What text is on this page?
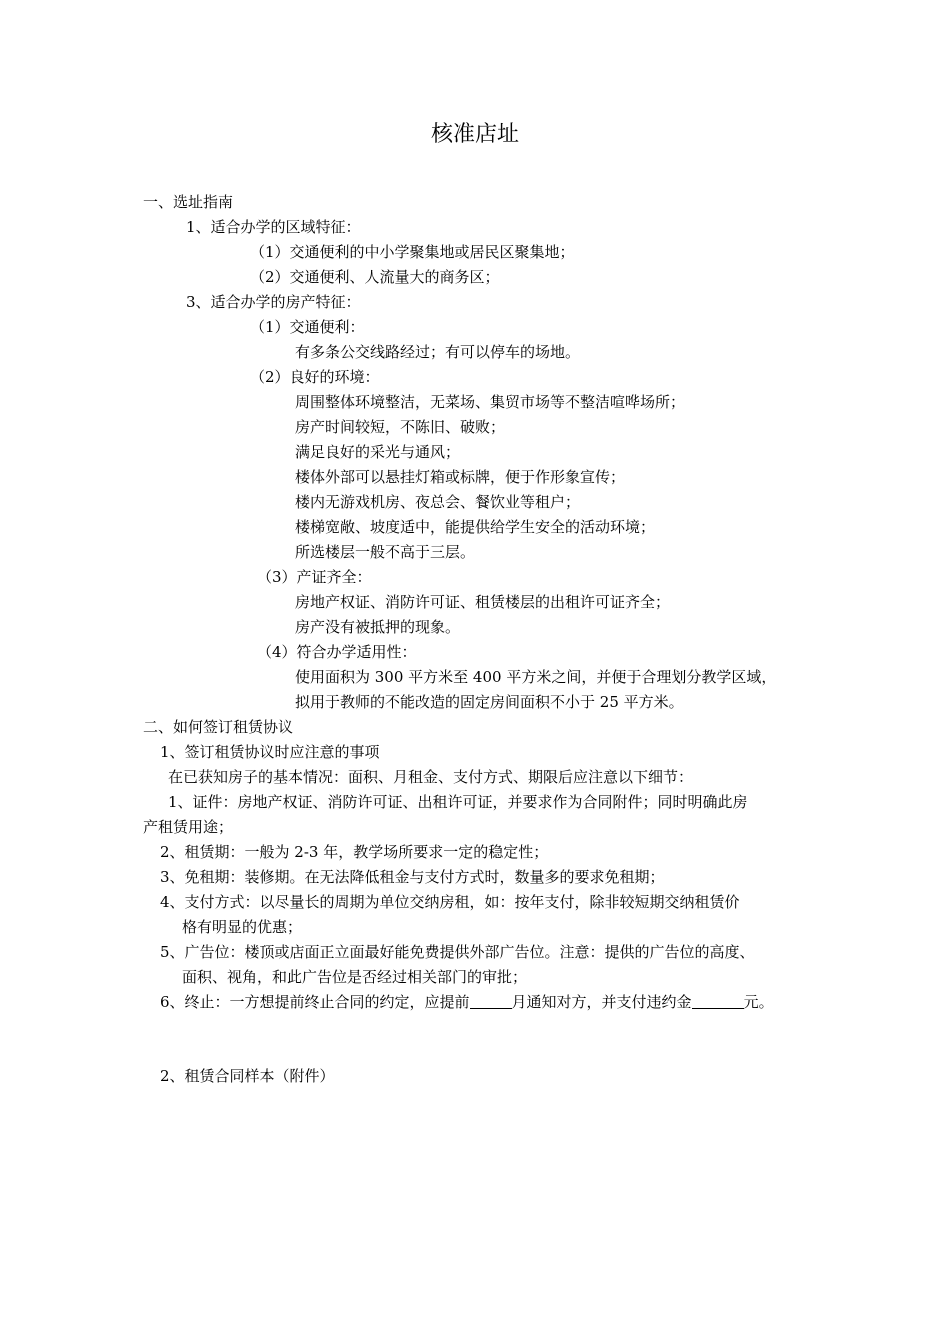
核准店址
一、选址指南
1、适合办学的区域特征：
（1）交通便利的中小学聚集地或居民区聚集地；
（2）交通便利、人流量大的商务区；
3、适合办学的房产特征：
（1）交通便利：
有多条公交线路经过；有可以停车的场地。
（2）良好的环境：
周围整体环境整洁，无菜场、集贸市场等不整洁喧哗场所；
房产时间较短，不陈旧、破败；
满足良好的采光与通风；
楼体外部可以悬挂灯箱或标牌，便于作形象宣传；
楼内无游戏机房、夜总会、餐饮业等租户；
楼梯宽敞、坡度适中，能提供给学生安全的活动环境；
所选楼层一般不高于三层。
（3）产证齐全：
房地产权证、消防许可证、租赁楼层的出租许可证齐全；
房产没有被抵押的现象。
（4）符合办学适用性：
使用面积为 300 平方米至 400 平方米之间，并便于合理划分教学区域，
拟用于教师的不能改造的固定房间面积不小于 25 平方米。
二、如何签订租赁协议
1、签订租赁协议时应注意的事项
在已获知房子的基本情况：面积、月租金、支付方式、期限后应注意以下细节：
1、证件：房地产权证、消防许可证、出租许可证，并要求作为合同附件；同时明确此房
产租赁用途；
2、租赁期：一般为 2-3 年，教学场所要求一定的稳定性；
3、免租期：装修期。在无法降低租金与支付方式时，数量多的要求免租期；
4、支付方式：以尽量长的周期为单位交纳房租，如：按年支付，除非较短期交纳租赁价
格有明显的优惠；
5、广告位：楼顶或店面正立面最好能免费提供外部广告位。注意：提供的广告位的高度、
面积、视角，和此广告位是否经过相关部门的审批；
6、终止：一方想提前终止合同的约定，应提前	月通知对方，并支付违约金	元。
2、租赁合同样本（附件）
